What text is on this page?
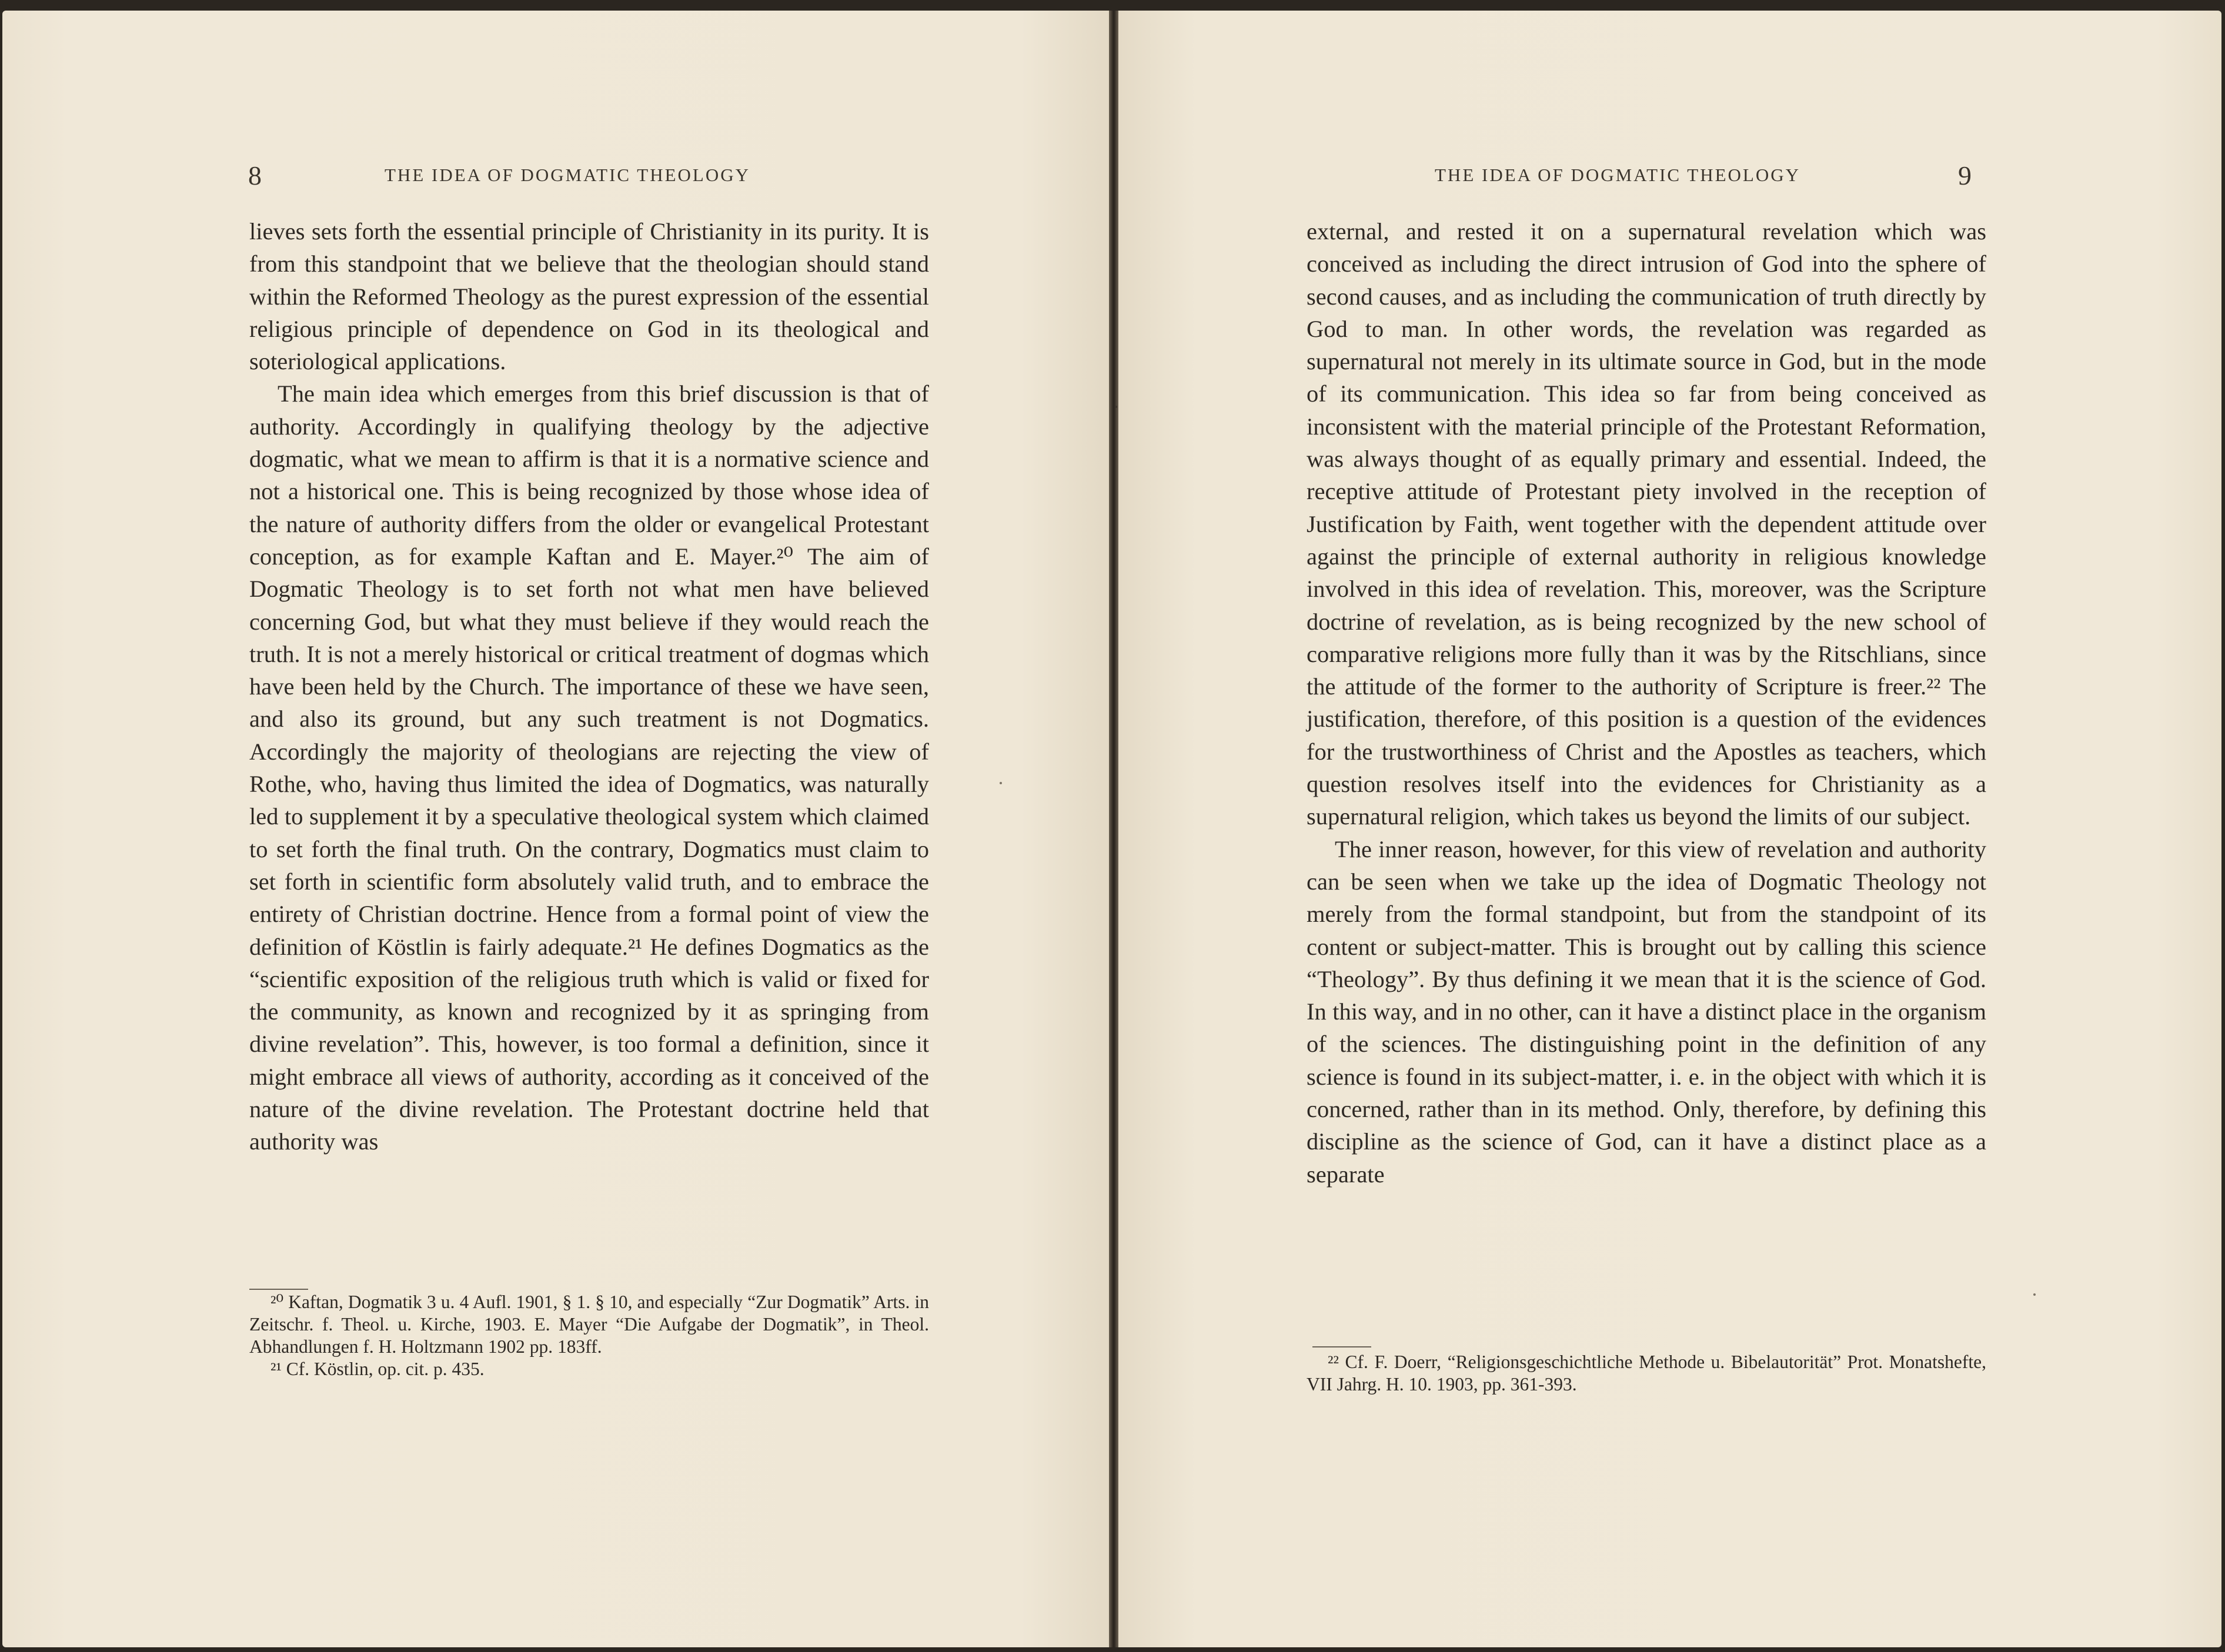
8	THE IDEA OF DOGMATIC THEOLOGY

lieves sets forth the essential principle of Christianity in its purity. It is from this standpoint that we believe that the theologian should stand within the Reformed Theology as the purest expression of the essential religious principle of dependence on God in its theological and soteriological applications.

The main idea which emerges from this brief discussion is that of authority. Accordingly in qualifying theology by the adjective dogmatic, what we mean to affirm is that it is a normative science and not a historical one. This is being recognized by those whose idea of the nature of authority differs from the older or evangelical Protestant conception, as for example Kaftan and E. Mayer.²⁰ The aim of Dogmatic Theology is to set forth not what men have believed concerning God, but what they must believe if they would reach the truth. It is not a merely historical or critical treatment of dogmas which have been held by the Church. The importance of these we have seen, and also its ground, but any such treatment is not Dogmatics. Accordingly the majority of theologians are rejecting the view of Rothe, who, having thus limited the idea of Dogmatics, was naturally led to supplement it by a speculative theological system which claimed to set forth the final truth. On the contrary, Dogmatics must claim to set forth in scientific form absolutely valid truth, and to embrace the entirety of Christian doctrine. Hence from a formal point of view the definition of Köstlin is fairly adequate.²¹ He defines Dogmatics as the “scientific exposition of the religious truth which is valid or fixed for the community, as known and recognized by it as springing from divine revelation”. This, however, is too formal a definition, since it might embrace all views of authority, according as it conceived of the nature of the divine revelation. The Protestant doctrine held that authority was

²⁰ Kaftan, Dogmatik 3 u. 4 Aufl. 1901, § 1. § 10, and especially “Zur Dogmatik” Arts. in Zeitschr. f. Theol. u. Kirche, 1903. E. Mayer “Die Aufgabe der Dogmatik”, in Theol. Abhandlungen f. H. Holtzmann 1902 pp. 183ff.

²¹ Cf. Köstlin, op. cit. p. 435.

THE IDEA OF DOGMATIC THEOLOGY	9

external, and rested it on a supernatural revelation which was conceived as including the direct intrusion of God into the sphere of second causes, and as including the communication of truth directly by God to man. In other words, the revelation was regarded as supernatural not merely in its ultimate source in God, but in the mode of its communication. This idea so far from being conceived as inconsistent with the material principle of the Protestant Reformation, was always thought of as equally primary and essential. Indeed, the receptive attitude of Protestant piety involved in the reception of Justification by Faith, went together with the dependent attitude over against the principle of external authority in religious knowledge involved in this idea of revelation. This, moreover, was the Scripture doctrine of revelation, as is being recognized by the new school of comparative religions more fully than it was by the Ritschlians, since the attitude of the former to the authority of Scripture is freer.²² The justification, therefore, of this position is a question of the evidences for the trustworthiness of Christ and the Apostles as teachers, which question resolves itself into the evidences for Christianity as a supernatural religion, which takes us beyond the limits of our subject.

The inner reason, however, for this view of revelation and authority can be seen when we take up the idea of Dogmatic Theology not merely from the formal standpoint, but from the standpoint of its content or subject-matter. This is brought out by calling this science “Theology”. By thus defining it we mean that it is the science of God. In this way, and in no other, can it have a distinct place in the organism of the sciences. The distinguishing point in the definition of any science is found in its subject-matter, i. e. in the object with which it is concerned, rather than in its method. Only, therefore, by defining this discipline as the science of God, can it have a distinct place as a separate

²² Cf. F. Doerr, “Religionsgeschichtliche Methode u. Bibelautorität” Prot. Monatshefte, VII Jahrg. H. 10. 1903, pp. 361-393.
